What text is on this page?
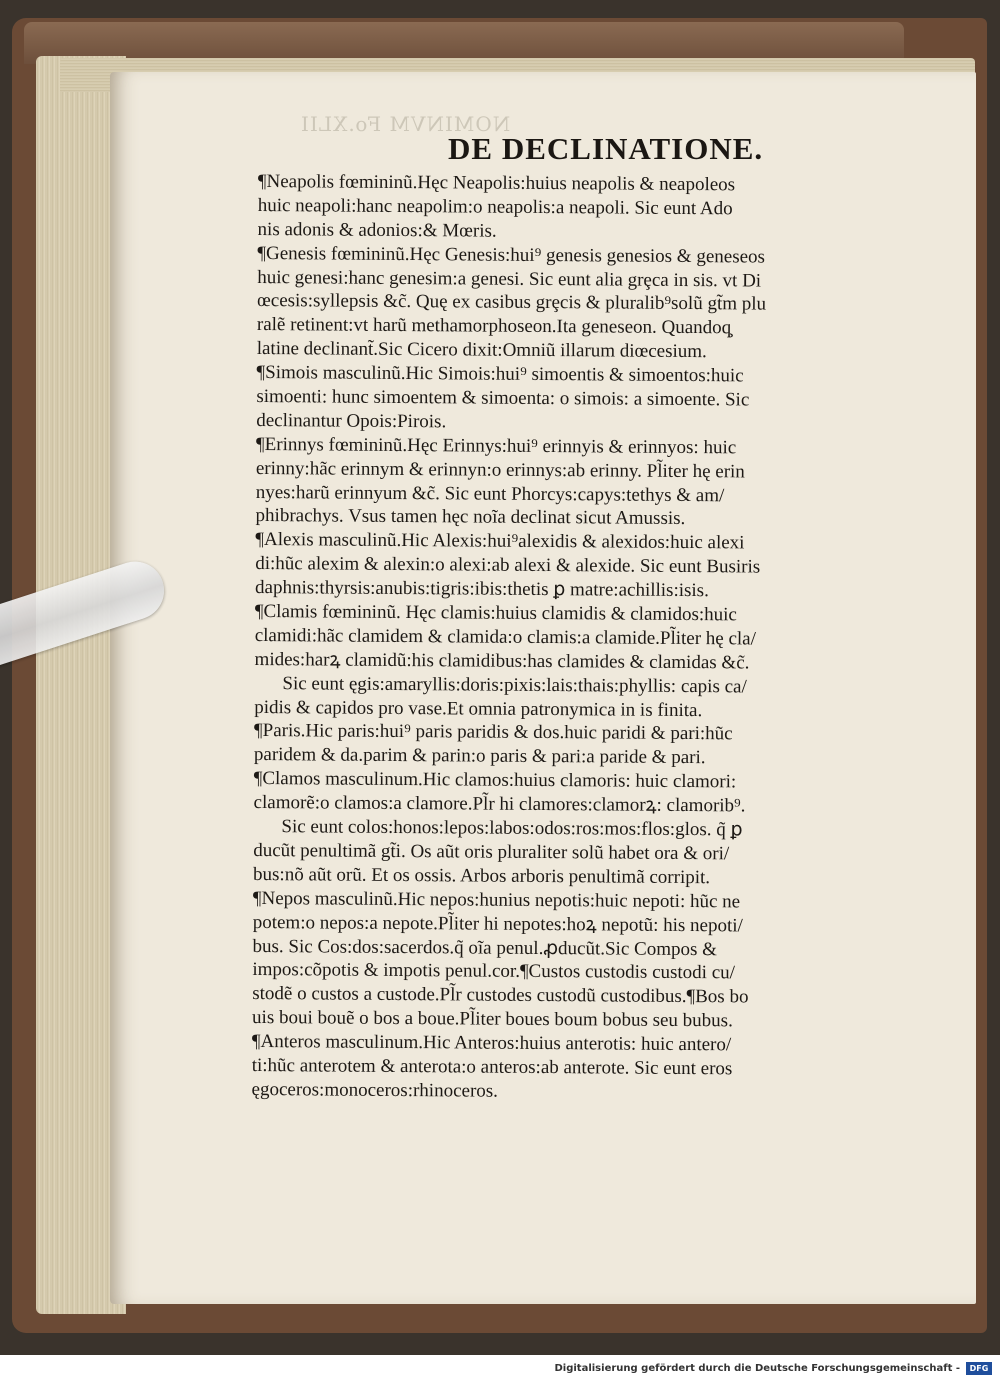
NOMINVM Fo.XLII
DE DECLINATIONE.
¶Neapolis fœmininũ.Hęc Neapolis:huius neapolis & neapoleos
huic neapoli:hanc neapolim:o neapolis:a neapoli. Sic eunt Ado
nis adonis & adonios:& Mœris.
¶Genesis fœmininũ.Hęc Genesis:hui⁹ genesis genesios & geneseos
huic genesi:hanc genesim:a genesi. Sic eunt alia grȩca in sis. vt Di
œcesis:syllepsis &c̃. Quę ex casibus grȩcis & pluralib⁹solũ gt̃m plu
ralẽ retinent:vt harũ methamorphoseon.Ita geneseon. Quandoq̧
latine declinant̃.Sic Cicero dixit:Omniũ illarum diœcesium.
¶Simois masculinũ.Hic Simois:hui⁹ simoentis & simoentos:huic
simoenti: hunc simoentem & simoenta: o simois: a simoente. Sic
declinantur Opois:Pirois.
¶Erinnys fœmininũ.Hęc Erinnys:hui⁹ erinnyis & erinnyos: huic
erinny:hãc erinnym & erinnyn:o erinnys:ab erinny. Pl̃iter hę erin
nyes:harũ erinnyum &c̃. Sic eunt Phorcys:capys:tethys & am/
phibrachys. Vsus tamen hęc noĩa declinat sicut Amussis.
¶Alexis masculinũ.Hic Alexis:hui⁹alexidis & alexidos:huic alexi
di:hũc alexim & alexin:o alexi:ab alexi & alexide. Sic eunt Busiris
daphnis:thyrsis:anubis:tigris:ibis:thetis ꝑ matre:achillis:isis.
¶Clamis fœmininũ. Hęc clamis:huius clamidis & clamidos:huic
clamidi:hãc clamidem & clamida:o clamis:a clamide.Pl̃iter hę cla/
mides:harꝝ clamidũ:his clamidibus:has clamides & clamidas &c̃.
Sic eunt ęgis:amaryllis:doris:pixis:lais:thais:phyllis: capis ca/
pidis & capidos pro vase.Et omnia patronymica in is finita.
¶Paris.Hic paris:hui⁹ paris paridis & dos.huic paridi & pari:hũc
paridem & da.parim & parin:o paris & pari:a paride & pari.
¶Clamos masculinum.Hic clamos:huius clamoris: huic clamori:
clamorẽ:o clamos:a clamore.Pl̃r hi clamores:clamorꝝ: clamorib⁹.
Sic eunt colos:honos:lepos:labos:odos:ros:mos:flos:glos. q̃ ꝑ
ducũt penultimã gt̃i. Os aũt oris pluraliter solũ habet ora & ori/
bus:nõ aũt orũ. Et os ossis. Arbos arboris penultimã corripit.
¶Nepos masculinũ.Hic nepos:hunius nepotis:huic nepoti: hũc ne
potem:o nepos:a nepote.Pl̃iter hi nepotes:hoꝝ nepotũ: his nepoti/
bus. Sic Cos:dos:sacerdos.q̃ oĩa penul.ꝓducũt.Sic Compos &
impos:cõpotis & impotis penul.cor.¶Custos custodis custodi cu/
stodẽ o custos a custode.Pl̃r custodes custodũ custodibus.¶Bos bo
uis boui bouẽ o bos a boue.Pl̃iter boues boum bobus seu bubus.
¶Anteros masculinum.Hic Anteros:huius anterotis: huic antero/
ti:hũc anterotem & anterota:o anteros:ab anterote. Sic eunt eros
ęgoceros:monoceros:rhinoceros.
Digitalisierung gefördert durch die Deutsche Forschungsgemeinschaft -	DFG
